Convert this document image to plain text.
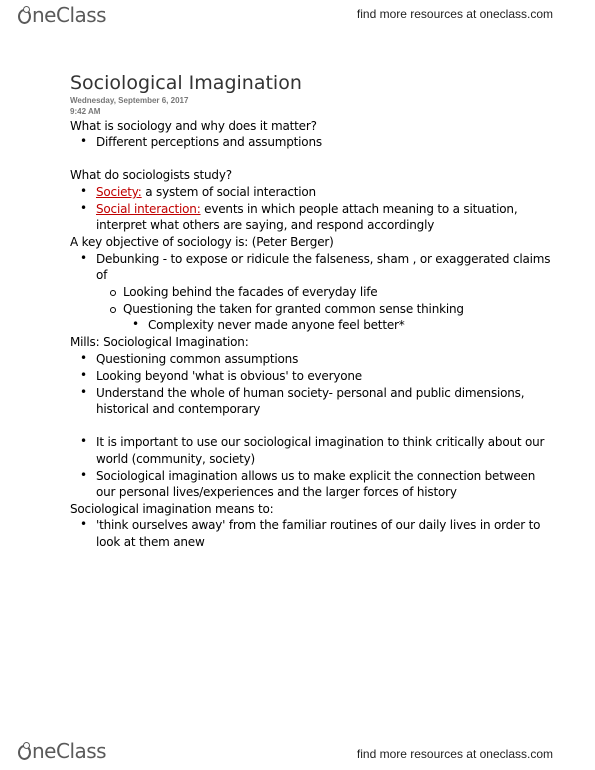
neClass	find more resources at oneclass.com
Sociological Imagination
Wednesday, September 6, 2017
9:42 AM
What is sociology and why does it matter?
• Different perceptions and assumptions
What do sociologists study?
• Society: a system of social interaction
• Social interaction: events in which people attach meaning to a situation,
interpret what others are saying, and respond accordingly
A key objective of sociology is: (Peter Berger)
• Debunking - to expose or ridicule the falseness, sham , or exaggerated claims
of
Looking behind the facades of everyday life
Questioning the taken for granted common sense thinking
• Complexity never made anyone feel better*
Mills: Sociological Imagination:
• Questioning common assumptions
• Looking beyond 'what is obvious' to everyone
• Understand the whole of human society- personal and public dimensions,
historical and contemporary
• It is important to use our sociological imagination to think critically about our
world (community, society)
• Sociological imagination allows us to make explicit the connection between
our personal lives/experiences and the larger forces of history
Sociological imagination means to:
• 'think ourselves away' from the familiar routines of our daily lives in order to
look at them anew
neClass	find more resources at oneclass.com
